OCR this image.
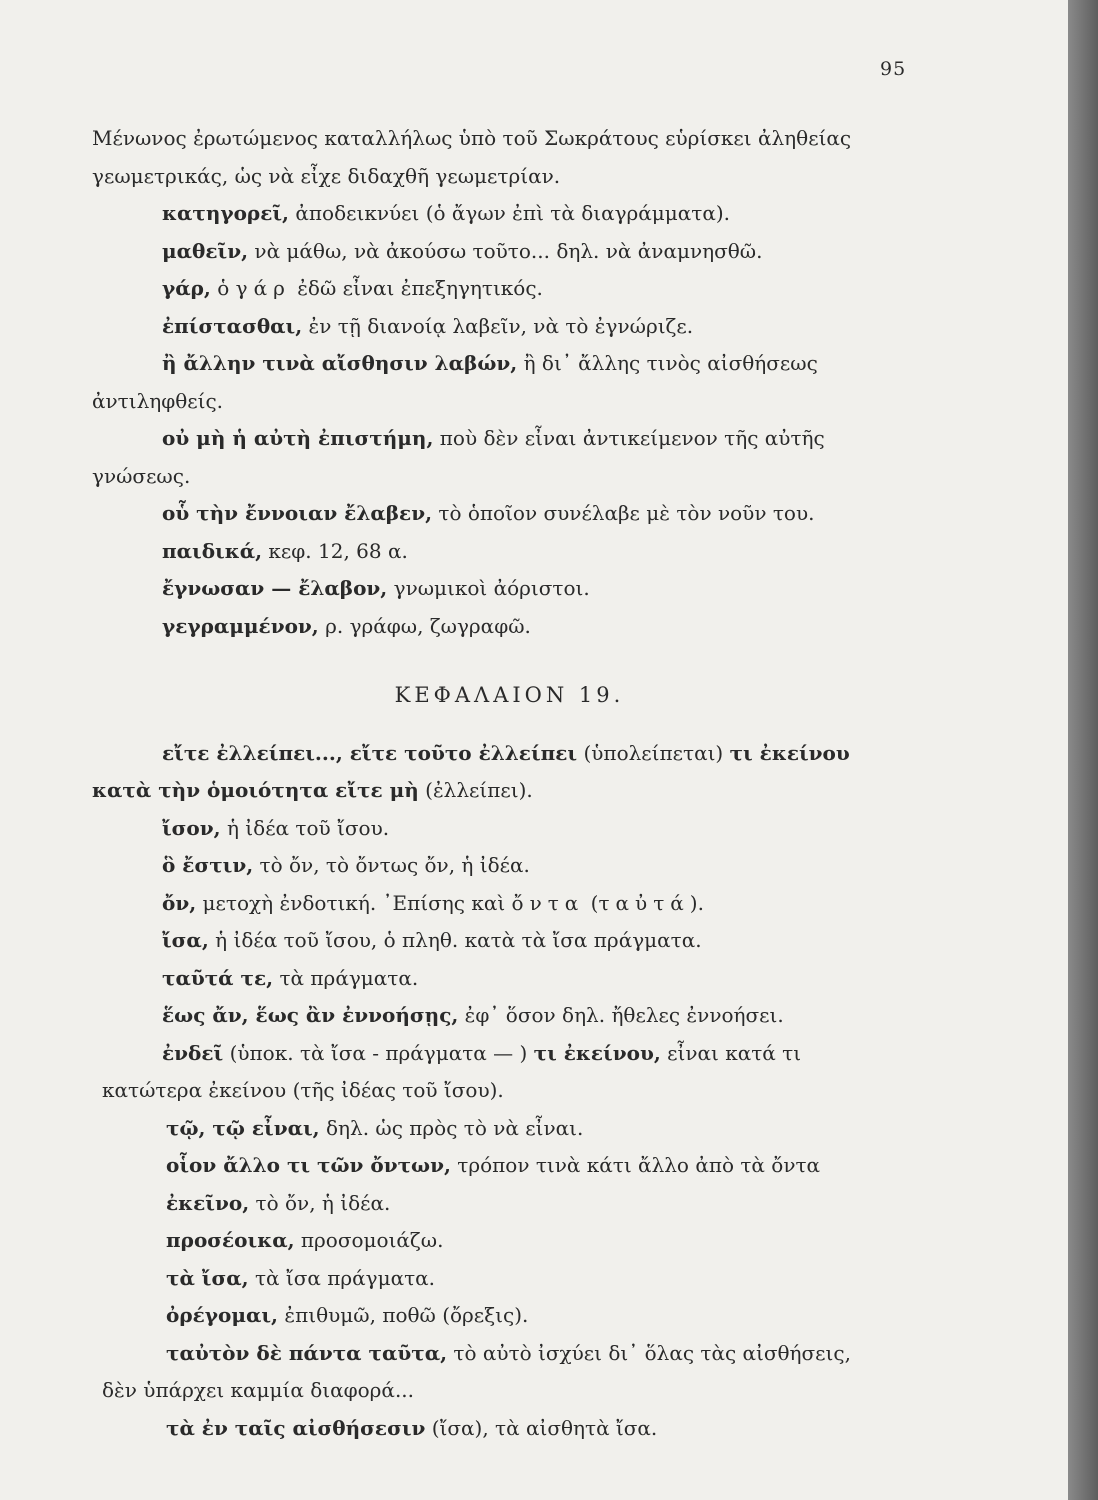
95
Μένωνος ἐρωτώμενος καταλλήλως ὑπὸ τοῦ Σωκράτους εὑρίσκει ἀληθείας
γεωμετρικάς, ὡς νὰ εἶχε διδαχθῆ γεωμετρίαν.
κατηγορεῖ, ἀποδεικνύει (ὁ ἄγων ἐπὶ τὰ διαγράμματα).
μαθεῖν, νὰ μάθω, νὰ ἀκούσω τοῦτο... δηλ. νὰ ἀναμνησθῶ.
γάρ, ὁ γάρ ἐδῶ εἶναι ἐπεξηγητικός.
ἐπίστασθαι, ἐν τῇ διανοίᾳ λαβεῖν, νὰ τὸ ἐγνώριζε.
ἢ ἄλλην τινὰ αἴσθησιν λαβών, ἢ δι᾽ ἄλλης τινὸς αἰσθήσεως
ἀντιληφθείς.
οὐ μὴ ἡ αὐτὴ ἐπιστήμη, ποὺ δὲν εἶναι ἀντικείμενον τῆς αὐτῆς
γνώσεως.
οὗ τὴν ἔννοιαν ἔλαβεν, τὸ ὁποῖον συνέλαβε μὲ τὸν νοῦν του.
παιδικά, κεφ. 12, 68 α.
ἔγνωσαν — ἔλαβον, γνωμικοὶ ἀόριστοι.
γεγραμμένον, ρ. γράφω, ζωγραφῶ.
ΚΕΦΑΛΑΙΟΝ 19.
εἴτε ἐλλείπει..., εἴτε τοῦτο ἐλλείπει (ὑπολείπεται) τι ἐκείνου
κατὰ τὴν ὁμοιότητα εἴτε μὴ (ἐλλείπει).
ἴσον, ἡ ἰδέα τοῦ ἴσου.
ὃ ἔστιν, τὸ ὄν, τὸ ὄντως ὄν, ἡ ἰδέα.
ὄν, μετοχὴ ἐνδοτική. ᾿Επίσης καὶ ὄντα (ταὐτά).
ἴσα, ἡ ἰδέα τοῦ ἴσου, ὁ πληθ. κατὰ τὰ ἴσα πράγματα.
ταῦτά τε, τὰ πράγματα.
ἕως ἄν, ἕως ἂν ἐννοήσῃς, ἐφ᾽ ὅσον δηλ. ἤθελες ἐννοήσει.
ἐνδεῖ (ὑποκ. τὰ ἴσα - πράγματα — ) τι ἐκείνου, εἶναι κατά τι
κατώτερα ἐκείνου (τῆς ἰδέας τοῦ ἴσου).
τῷ, τῷ εἶναι, δηλ. ὡς πρὸς τὸ νὰ εἶναι.
οἷον ἄλλο τι τῶν ὄντων, τρόπον τινὰ κάτι ἄλλο ἀπὸ τὰ ὄντα
ἐκεῖνο, τὸ ὄν, ἡ ἰδέα.
προσέοικα, προσομοιάζω.
τὰ ἴσα, τὰ ἴσα πράγματα.
ὀρέγομαι, ἐπιθυμῶ, ποθῶ (ὄρεξις).
ταὐτὸν δὲ πάντα ταῦτα, τὸ αὐτὸ ἰσχύει δι᾽ ὅλας τὰς αἰσθήσεις,
δὲν ὑπάρχει καμμία διαφορά...
τὰ ἐν ταῖς αἰσθήσεσιν (ἴσα), τὰ αἰσθητὰ ἴσα.
